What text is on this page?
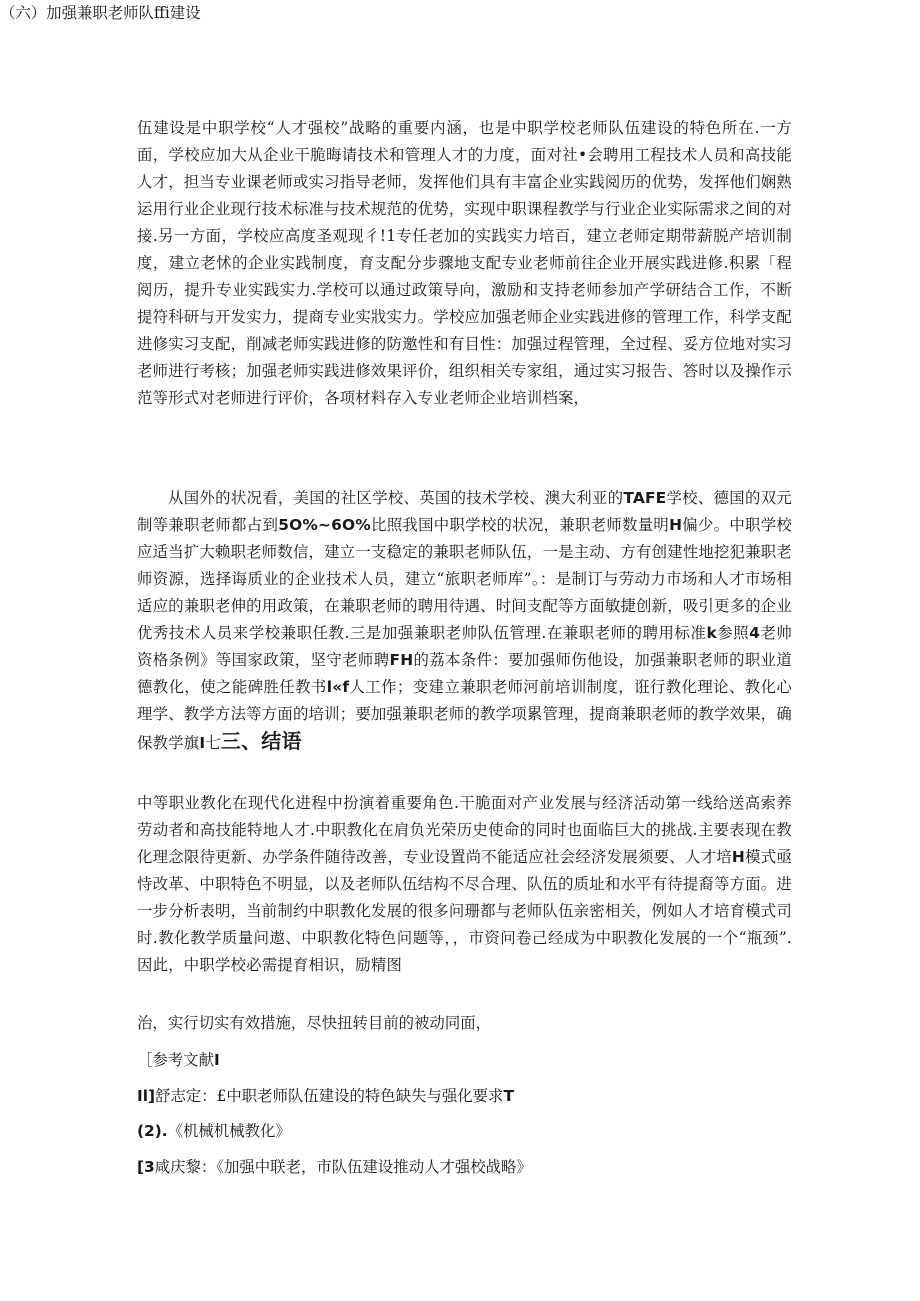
伍建设是中职学校“人才强校”战略的重要内涵，也是中职学校老师队伍建设的特色所在.一方面，学校应加大从企业干脆晦请技术和管理人才的力度，面对社•会聘用工程技术人员和高技能人才，担当专业课老师或实习指导老师，发挥他们具有丰富企业实践阅历的优势，发挥他们娴熟运用行业企业现行技术标准与技术规范的优势，实现中职课程教学与行业企业实际需求之间的对接.另一方面，学校应高度圣观现彳!1专任老加的实践实力培百，建立老师定期带薪脱产培训制度，建立老怵的企业实践制度，育支配分步骤地支配专业老师前往企业开展实践进修.积累「程阅历，提升专业实践实力.学校可以通过政策导向，激励和支持老师参加产学研结合工作，不断提符科研与开发实力，提商专业实戕实力。学校应加强老师企业实践进修的管理工作，科学支配进修实习支配，削减老师实践进修的防邀性和有目性：加强过程管理，全过程、妥方位地对实习老师进行考核；加强老师实践进修效果评价，组织相关专家组，通过实习报告、答时以及操作示范等形式对老师进行评价，各项材料存入专业老师企业培训档案，
（六）加强兼职老师队ffi建设
从国外的状况看，美国的社区学校、英国的技术学校、澳大利亚的TAFE学校、德国的双元制等兼职老师都占到5O%~6O%比照我国中职学校的状况，兼职老师数量明H偏少。中职学校应适当扩大赖职老师数信，建立一支稳定的兼职老师队伍，一是主动、方有创建性地挖犯兼职老师资源，选择诲质业的企业技术人员，建立“旅职老师库”。：是制订与劳动力市场和人才市场相适应的兼职老伸的用政策，在兼职老师的聘用待遇、时间支配等方面敏捷创新，吸引更多的企业优秀技术人员来学校兼职任教.三是加强兼职老帅队伍管理.在兼职老师的聘用标准k参照4老帅资格条例》等国家政策，坚守老师聘FH的荔本条件：要加强师伤他设，加强兼职老师的职业道德教化，使之能碑胜任教书l«f人工作；变建立兼职老师河前培训制度，诳行教化理论、教化心理学、教学方法等方面的培训；要加强兼职老师的教学项累管理，提商兼职老师的教学效果，确保教学旗I七三、结语
中等职业教化在现代化进程中扮演着重要角色.干脆面对产业发展与经济活动第一线给送高索养劳动者和高技能特地人才.中职教化在肩负光荣历史使命的同时也面临巨大的挑战.主要表现在教化理念限待更新、办学条件随待改善，专业设置尚不能适应社会经济发展须要、人才培H模式亟恃改革、中职特色不明显，以及老师队伍结构不尽合理、队伍的质址和水平有待提裔等方面。进一步分析表明，当前制约中职教化发展的很多问珊都与老师队伍亲密相关，例如人才培育模式司时.教化教学质量问遨、中职教化特色问题等，，市资问卷己经成为中职教化发展的一个“瓶颈”.因此，中职学校必需提育相识，励精图
治，实行切实有效措施，尽快扭转目前的被动同面，
［参考文献I
Il]舒志定：£中职老师队伍建设的特色缺失与强化要求T
(2).《机械机械教化》
[3咸庆黎：《加强中联老，市队伍建设推动人才强校战略》
